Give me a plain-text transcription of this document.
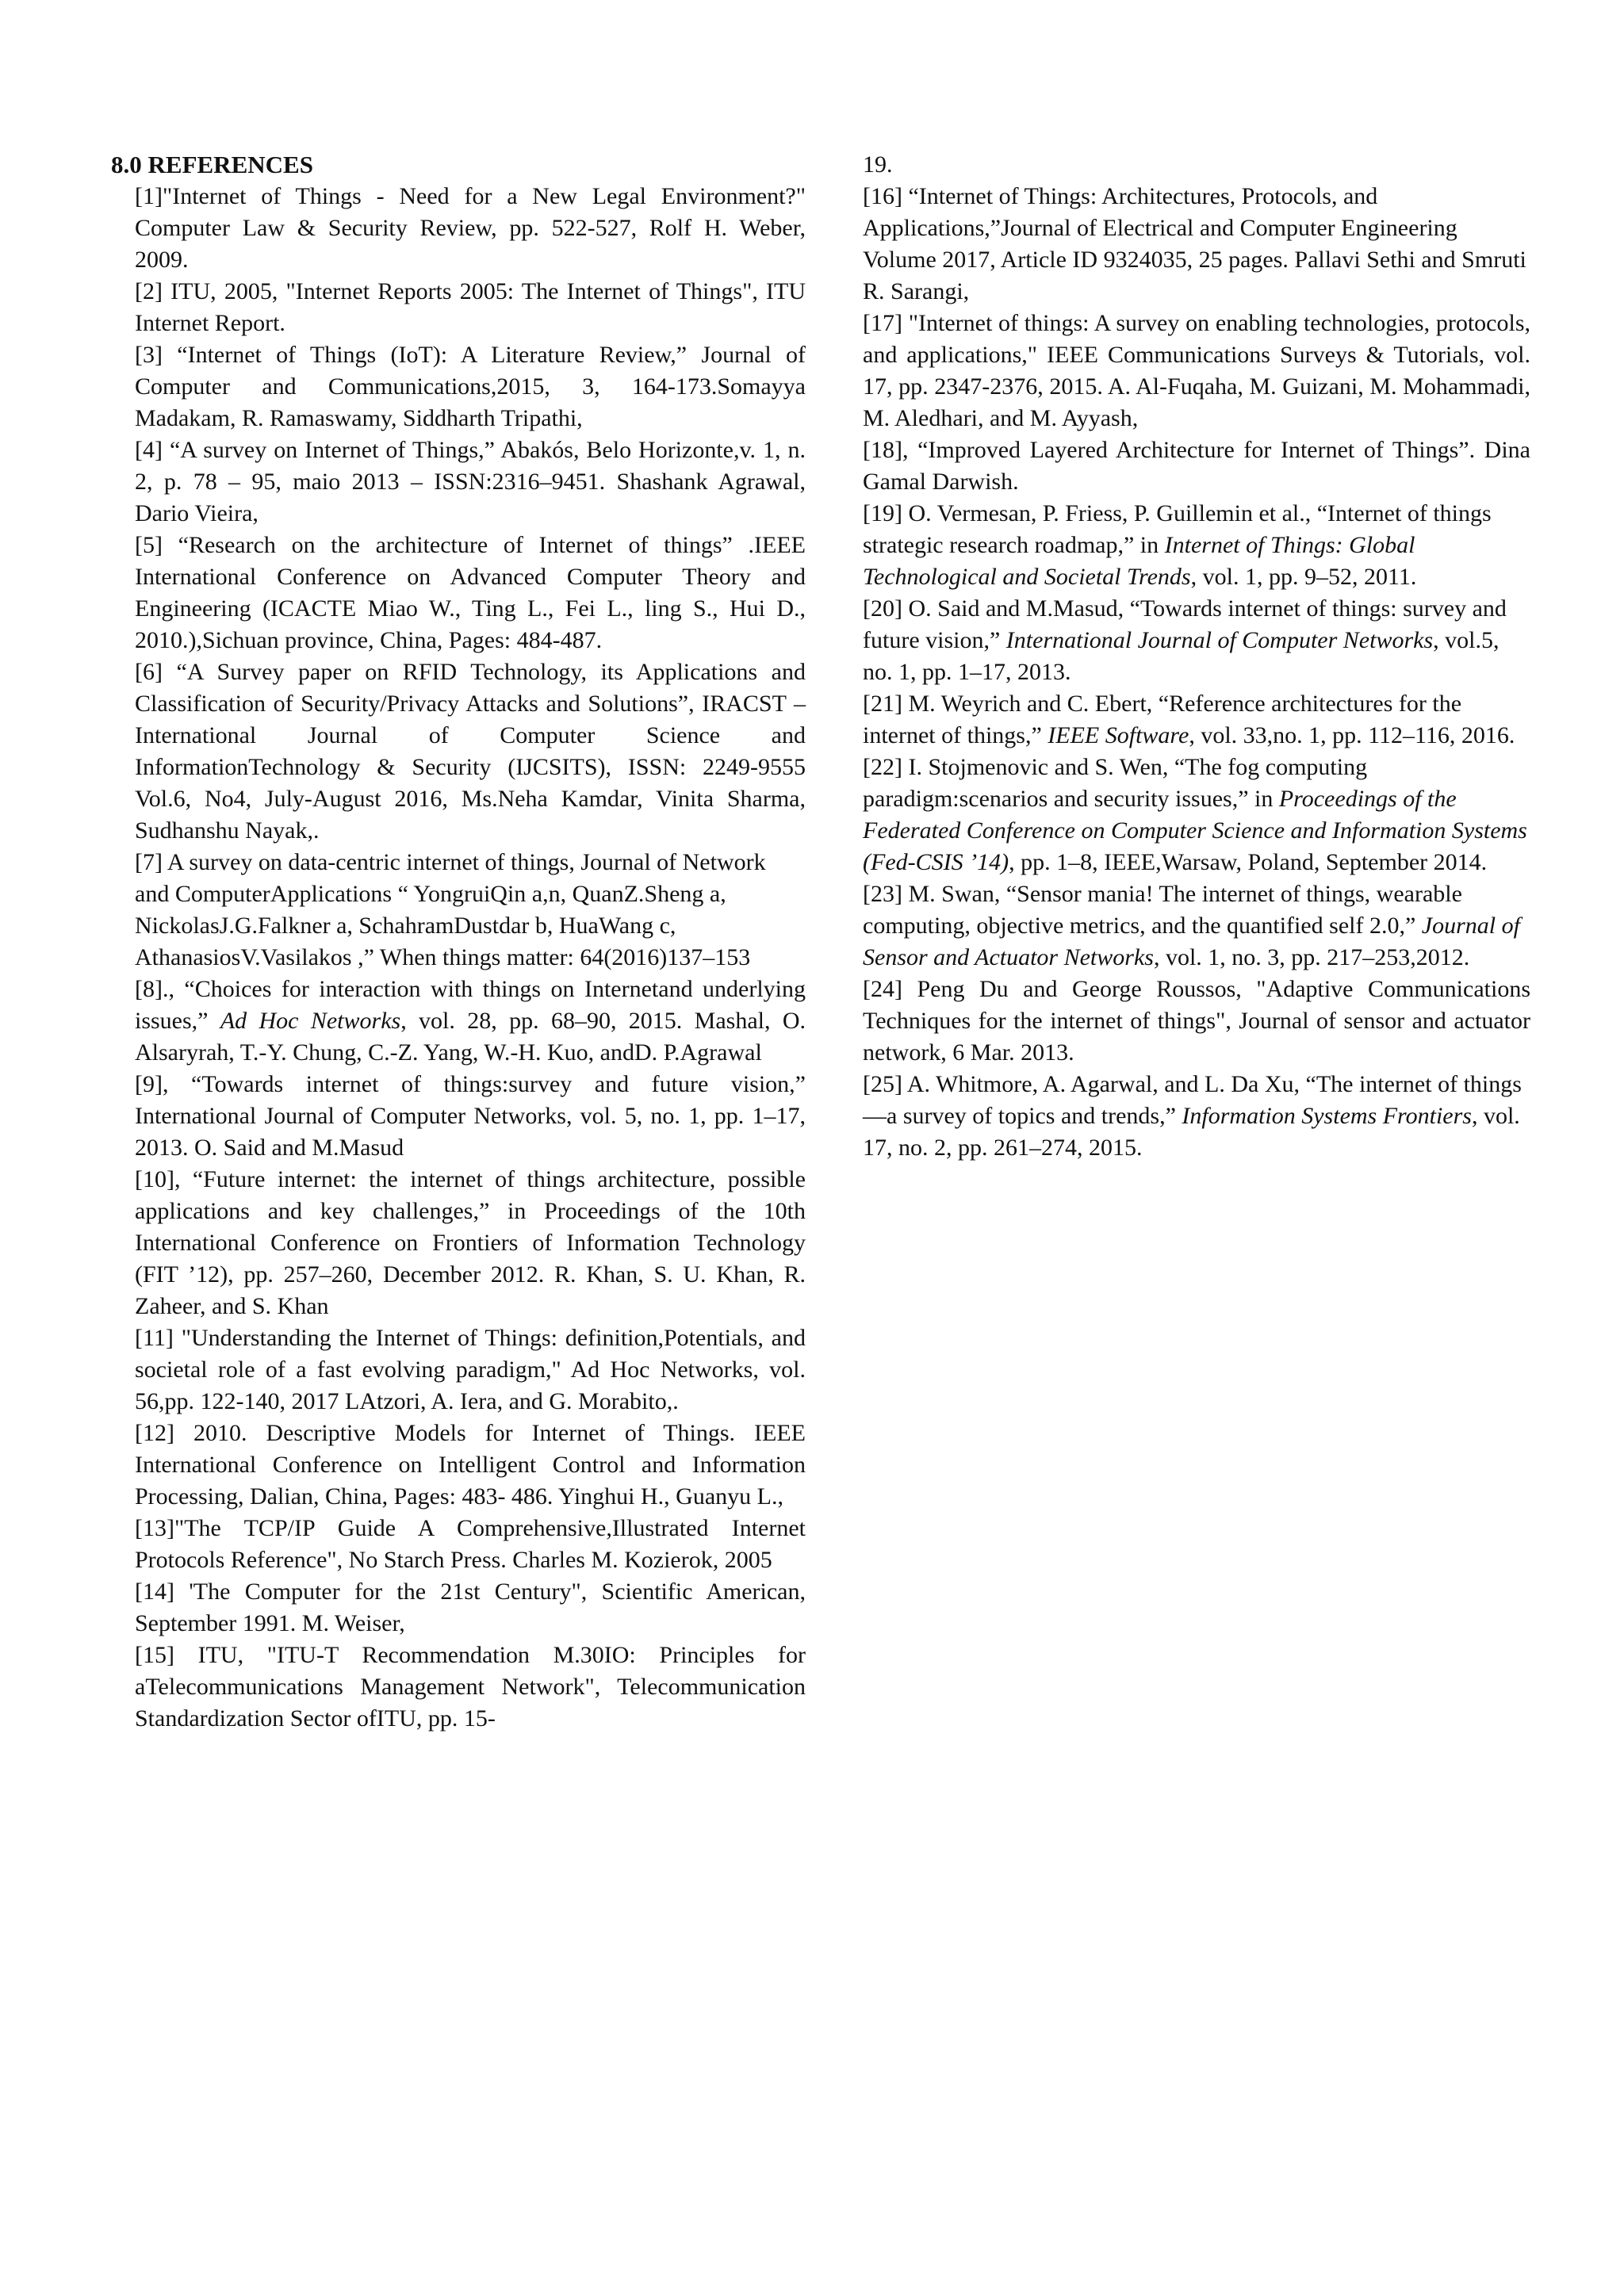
8.0 REFERENCES

[1]"Internet of Things - Need for a New Legal Environment?" Computer Law & Security Review, pp. 522-527, Rolf H. Weber, 2009.

[2] ITU, 2005, "Internet Reports 2005: The Internet of Things", ITU Internet Report.

[3] “Internet of Things (IoT): A Literature Review,” Journal of Computer and Communications,2015, 3, 164-173.Somayya Madakam, R. Ramaswamy, Siddharth Tripathi,

[4] “A survey on Internet of Things,” Abakós, Belo Horizonte,v. 1, n. 2, p. 78 – 95, maio 2013 – ISSN:2316–9451. Shashank Agrawal, Dario Vieira,

[5] “Research on the architecture of Internet of things” .IEEE International Conference on Advanced Computer Theory and Engineering (ICACTE Miao W., Ting L., Fei L., ling S., Hui D., 2010.),Sichuan province, China, Pages: 484-487.

[6] “A Survey paper on RFID Technology, its Applications and Classification of Security/Privacy Attacks and Solutions”, IRACST – International Journal of Computer Science and InformationTechnology & Security (IJCSITS), ISSN: 2249-9555 Vol.6, No4, July-August 2016, Ms.Neha Kamdar, Vinita Sharma, Sudhanshu Nayak,.

[7] A survey on data-centric internet of things, Journal of Network and ComputerApplications “ YongruiQin a,n, QuanZ.Sheng a, NickolasJ.G.Falkner a, SchahramDustdar b, HuaWang c, AthanasiosV.Vasilakos ,” When things matter: 64(2016)137–153

[8]., “Choices for interaction with things on Internetand underlying issues,” Ad Hoc Networks, vol. 28, pp. 68–90, 2015. Mashal, O. Alsaryrah, T.-Y. Chung, C.-Z. Yang, W.-H. Kuo, andD. P.Agrawal

[9], “Towards internet of things:survey and future vision,” International Journal of Computer Networks, vol. 5, no. 1, pp. 1–17, 2013. O. Said and M.Masud

[10], “Future internet: the internet of things architecture, possible applications and key challenges,” in Proceedings of the 10th International Conference on Frontiers of Information Technology (FIT ’12), pp. 257–260, December 2012. R. Khan, S. U. Khan, R. Zaheer, and S. Khan

[11] "Understanding the Internet of Things: definition,Potentials, and societal role of a fast evolving paradigm," Ad Hoc Networks, vol. 56,pp. 122-140, 2017 LAtzori, A. Iera, and G. Morabito,.

[12] 2010. Descriptive Models for Internet of Things. IEEE International Conference on Intelligent Control and Information Processing, Dalian, China, Pages: 483- 486. Yinghui H., Guanyu L.,

[13]"The TCP/IP Guide A Comprehensive,Illustrated Internet Protocols Reference", No Starch Press. Charles M. Kozierok, 2005

[14] 'The Computer for the 21st Century", Scientific American, September 1991. M. Weiser,

[15] ITU, "ITU-T Recommendation M.30IO: Principles for aTelecommunications Management Network", Telecommunication Standardization Sector ofITU, pp. 15-

19.

[16] “Internet of Things: Architectures, Protocols, and Applications,”Journal of Electrical and Computer Engineering Volume 2017, Article ID 9324035, 25 pages. Pallavi Sethi and Smruti R. Sarangi,

[17] "Internet of things: A survey on enabling technologies, protocols, and applications," IEEE Communications Surveys & Tutorials, vol. 17, pp. 2347-2376, 2015. A. Al-Fuqaha, M. Guizani, M. Mohammadi, M. Aledhari, and M. Ayyash,

[18], “Improved Layered Architecture for Internet of Things”. Dina Gamal Darwish.

[19] O. Vermesan, P. Friess, P. Guillemin et al., “Internet of things strategic research roadmap,” in Internet of Things: Global Technological and Societal Trends, vol. 1, pp. 9–52, 2011.

[20] O. Said and M.Masud, “Towards internet of things: survey and future vision,” International Journal of Computer Networks, vol.5, no. 1, pp. 1–17, 2013.

[21] M. Weyrich and C. Ebert, “Reference architectures for the internet of things,” IEEE Software, vol. 33,no. 1, pp. 112–116, 2016.

[22] I. Stojmenovic and S. Wen, “The fog computing paradigm:scenarios and security issues,” in Proceedings of the Federated Conference on Computer Science and Information Systems (Fed-CSIS ’14), pp. 1–8, IEEE,Warsaw, Poland, September 2014.

[23] M. Swan, “Sensor mania! The internet of things, wearable computing, objective metrics, and the quantified self 2.0,” Journal of Sensor and Actuator Networks, vol. 1, no. 3, pp. 217–253,2012.

[24] Peng Du and George Roussos, "Adaptive Communications Techniques for the internet of things", Journal of sensor and actuator network, 6 Mar. 2013.

[25] A. Whitmore, A. Agarwal, and L. Da Xu, “The internet of things—a survey of topics and trends,” Information Systems Frontiers, vol. 17, no. 2, pp. 261–274, 2015.
